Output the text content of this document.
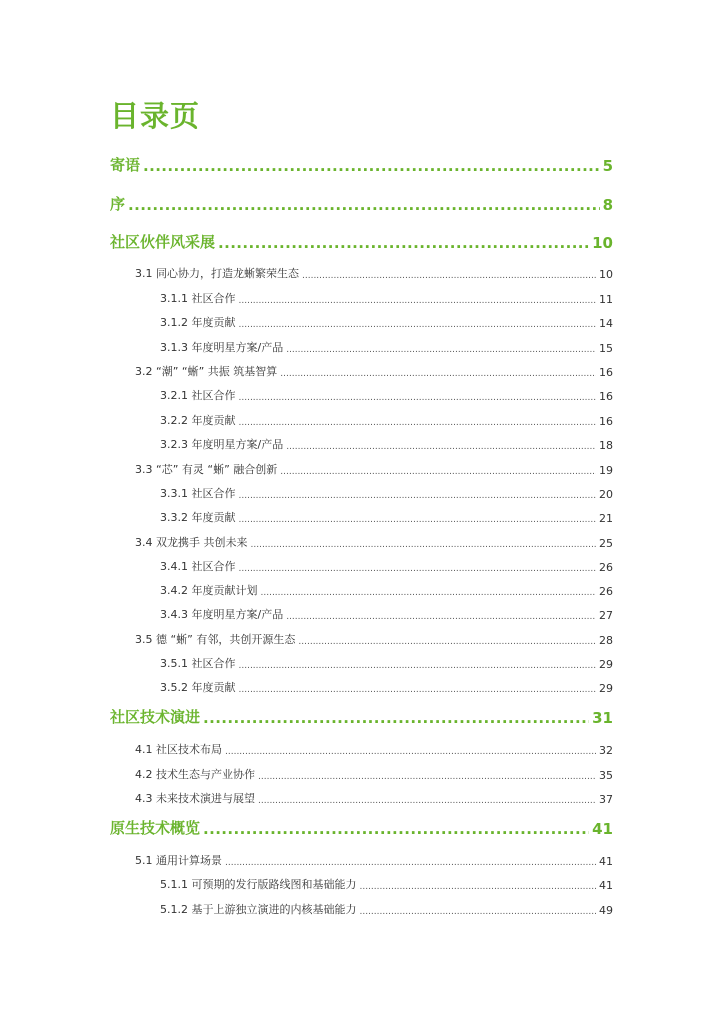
目录页
寄语 .....	5
序 .....	8
社区伙伴风采展 .....	10
3.1 同心协力，打造龙蜥繁荣生态 .....	10
3.1.1 社区合作 .....	11
3.1.2 年度贡献 .....	14
3.1.3 年度明星方案/产品 .....	15
3.2 “潮” “蜥” 共振 筑基智算 .....	16
3.2.1 社区合作 .....	16
3.2.2 年度贡献 .....	16
3.2.3 年度明星方案/产品 .....	18
3.3 “芯” 有灵 “蜥” 融合创新 .....	19
3.3.1 社区合作 .....	20
3.3.2 年度贡献 .....	21
3.4 双龙携手 共创未来 .....	25
3.4.1 社区合作 .....	26
3.4.2 年度贡献计划 .....	26
3.4.3 年度明星方案/产品 .....	27
3.5 德 “蜥” 有邻，共创开源生态 .....	28
3.5.1 社区合作 .....	29
3.5.2 年度贡献 .....	29
社区技术演进 .....	31
4.1 社区技术布局 .....	32
4.2 技术生态与产业协作 .....	35
4.3 未来技术演进与展望 .....	37
原生技术概览 .....	41
5.1 通用计算场景 .....	41
5.1.1 可预期的发行版路线图和基础能力 .....	41
5.1.2 基于上游独立演进的内核基础能力 .....	49
